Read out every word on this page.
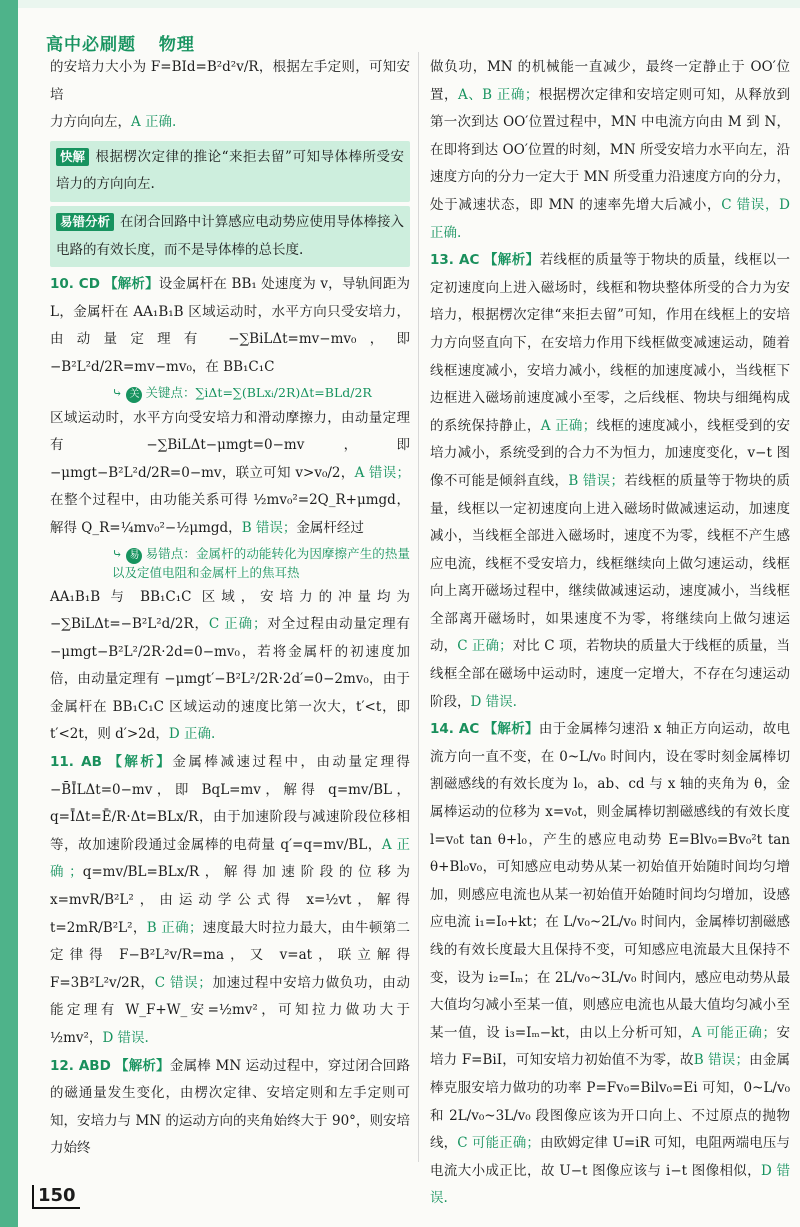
高中必刷题 物理

的安培力大小为 F=BId=B²d²v/R，根据左手定则，可知安培
力方向向左，A 正确.

快解 根据楞次定律的推论“来拒去留”可知导体棒所受安培力的方向向左.
易错分析 在闭合回路中计算感应电动势应使用导体棒接入电路的有效长度，而不是导体棒的总长度.

10. CD 【解析】设金属杆在 BB₁ 处速度为 v，导轨间距为 L，金属杆在 AA₁B₁B 区域运动时，水平方向只受安培力，由动量定理有 −∑BiLΔt=mv−mv₀，即 −B²L²d/2R=mv−mv₀，在 BB₁C₁C

⤷ 关 关键点：∑iΔt=∑(BLxᵢ/2R)Δt=BLd/2R

区域运动时，水平方向受安培力和滑动摩擦力，由动量定理有 −∑BiLΔt−μmgt=0−mv，即 −μmgt−B²L²d/2R=0−mv，联立可知 v>v₀/2，A 错误；在整个过程中，由功能关系可得 ½mv₀²=2Q_R+μmgd，解得 Q_R=¼mv₀²−½μmgd，B 错误；金属杆经过

⤷ 易 易错点：金属杆的动能转化为因摩擦产生的热量以及定值电阻和金属杆上的焦耳热

AA₁B₁B 与 BB₁C₁C 区域，安培力的冲量均为 −∑BiLΔt=−B²L²d/2R，C 正确；对全过程由动量定理有 −μmgt−B²L²/2R·2d=0−mv₀，若将金属杆的初速度加倍，由动量定理有 −μmgt′−B²L²/2R·2d′=0−2mv₀，由于金属杆在 BB₁C₁C 区域运动的速度比第一次大，t′<t，即 t′<2t，则 d′>2d，D 正确.

11. AB 【解析】金属棒减速过程中，由动量定理得 −B̄ĪLΔt=0−mv，即 BqL=mv，解得 q=mv/BL，q=ĪΔt=Ē/R·Δt=BLx/R，由于加速阶段与减速阶段位移相等，故加速阶段通过金属棒的电荷量 q′=q=mv/BL，A 正确；q=mv/BL=BLx/R，解得加速阶段的位移为 x=mvR/B²L²，由运动学公式得 x=½vt，解得 t=2mR/B²L²，B 正确；速度最大时拉力最大，由牛顿第二定律得 F−B²L²v/R=ma，又 v=at，联立解得 F=3B²L²v/2R，C 错误；加速过程中安培力做负功，由动能定理有 W_F+W_安=½mv²，可知拉力做功大于 ½mv²，D 错误.

12. ABD 【解析】金属棒 MN 运动过程中，穿过闭合回路的磁通量发生变化，由楞次定律、安培定则和左手定则可知，安培力与 MN 的运动方向的夹角始终大于 90°，则安培力始终

做负功，MN 的机械能一直减少，最终一定静止于 OO′位置，A、B 正确；根据楞次定律和安培定则可知，从释放到第一次到达 OO′位置过程中，MN 中电流方向由 M 到 N，在即将到达 OO′位置的时刻，MN 所受安培力水平向左，沿速度方向的分力一定大于 MN 所受重力沿速度方向的分力，处于减速状态，即 MN 的速率先增大后减小，C 错误，D 正确.

13. AC 【解析】若线框的质量等于物块的质量，线框以一定初速度向上进入磁场时，线框和物块整体所受的合力为安培力，根据楞次定律“来拒去留”可知，作用在线框上的安培力方向竖直向下，在安培力作用下线框做变减速运动，随着线框速度减小，安培力减小，线框的加速度减小，当线框下边框进入磁场前速度减小至零，之后线框、物块与细绳构成的系统保持静止，A 正确；线框的速度减小，线框受到的安培力减小，系统受到的合力不为恒力，加速度变化，v−t 图像不可能是倾斜直线，B 错误；若线框的质量等于物块的质量，线框以一定初速度向上进入磁场时做减速运动，加速度减小，当线框全部进入磁场时，速度不为零，线框不产生感应电流，线框不受安培力，线框继续向上做匀速运动，线框向上离开磁场过程中，继续做减速运动，速度减小，当线框全部离开磁场时，如果速度不为零，将继续向上做匀速运动，C 正确；对比 C 项，若物块的质量大于线框的质量，当线框全部在磁场中运动时，速度一定增大，不存在匀速运动阶段，D 错误.

14. AC 【解析】由于金属棒匀速沿 x 轴正方向运动，故电流方向一直不变，在 0~L/v₀ 时间内，设在零时刻金属棒切割磁感线的有效长度为 l₀，ab、cd 与 x 轴的夹角为 θ，金属棒运动的位移为 x=v₀t，则金属棒切割磁感线的有效长度 l=v₀t tan θ+l₀，产生的感应电动势 E=Blv₀=Bv₀²t tan θ+Bl₀v₀，可知感应电动势从某一初始值开始随时间均匀增加，则感应电流也从某一初始值开始随时间均匀增加，设感应电流 i₁=I₀+kt；在 L/v₀~2L/v₀ 时间内，金属棒切割磁感线的有效长度最大且保持不变，可知感应电流最大且保持不变，设为 i₂=Iₘ；在 2L/v₀~3L/v₀ 时间内，感应电动势从最大值均匀减小至某一值，则感应电流也从最大值均匀减小至某一值，设 i₃=Iₘ−kt，由以上分析可知，A 可能正确；安培力 F=BiI，可知安培力初始值不为零，故B 错误；由金属棒克服安培力做功的功率 P=Fv₀=Bilv₀=Ei 可知，0~L/v₀ 和 2L/v₀~3L/v₀ 段图像应该为开口向上、不过原点的抛物线，C 可能正确；由欧姆定律 U=iR 可知，电阻两端电压与电流大小成正比，故 U−t 图像应该与 i−t 图像相似，D 错误.

150
